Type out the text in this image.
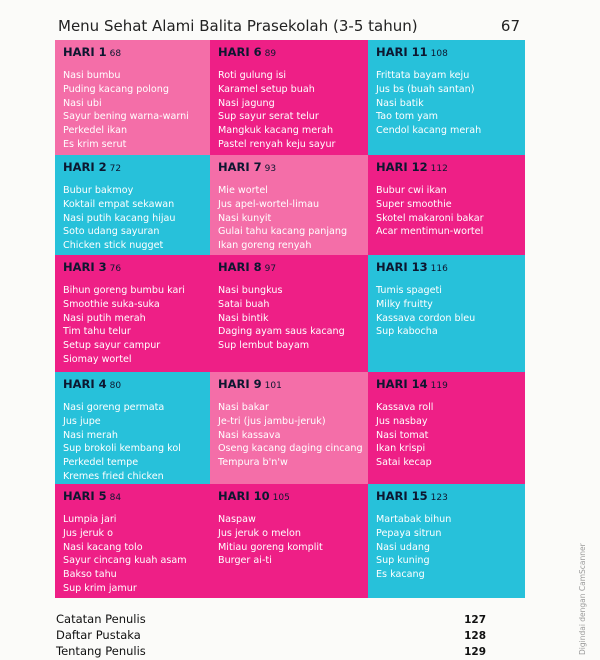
Menu Sehat Alami Balita Prasekolah (3-5 tahun)	67
HARI 1 68
Nasi bumbu
Puding kacang polong
Nasi ubi
Sayur bening warna-warni
Perkedel ikan
Es krim serut
HARI 6 89
Roti gulung isi
Karamel setup buah
Nasi jagung
Sup sayur serat telur
Mangkuk kacang merah
Pastel renyah keju sayur
HARI 11 108
Frittata bayam keju
Jus bs (buah santan)
Nasi batik
Tao tom yam
Cendol kacang merah
HARI 2 72
Bubur bakmoy
Koktail empat sekawan
Nasi putih kacang hijau
Soto udang sayuran
Chicken stick nugget
HARI 7 93
Mie wortel
Jus apel-wortel-limau
Nasi kunyit
Gulai tahu kacang panjang
Ikan goreng renyah
HARI 12 112
Bubur cwi ikan
Super smoothie
Skotel makaroni bakar
Acar mentimun-wortel
HARI 3 76
Bihun goreng bumbu kari
Smoothie suka-suka
Nasi putih merah
Tim tahu telur
Setup sayur campur
Siomay wortel
HARI 8 97
Nasi bungkus
Satai buah
Nasi bintik
Daging ayam saus kacang
Sup lembut bayam
HARI 13 116
Tumis spageti
Milky fruitty
Kassava cordon bleu
Sup kabocha
HARI 4 80
Nasi goreng permata
Jus jupe
Nasi merah
Sup brokoli kembang kol
Perkedel tempe
Kremes fried chicken
HARI 9 101
Nasi bakar
Je-tri (jus jambu-jeruk)
Nasi kassava
Oseng kacang daging cincang
Tempura b'n'w
HARI 14 119
Kassava roll
Jus nasbay
Nasi tomat
Ikan krispi
Satai kecap
HARI 5 84
Lumpia jari
Jus jeruk o
Nasi kacang tolo
Sayur cincang kuah asam
Bakso tahu
Sup krim jamur
HARI 10 105
Naspaw
Jus jeruk o melon
Mitiau goreng komplit
Burger ai-ti
HARI 15 123
Martabak bihun
Pepaya sitrun
Nasi udang
Sup kuning
Es kacang
Catatan Penulis	127
Daftar Pustaka	128
Tentang Penulis	129	Digindai dengan CamScanner
